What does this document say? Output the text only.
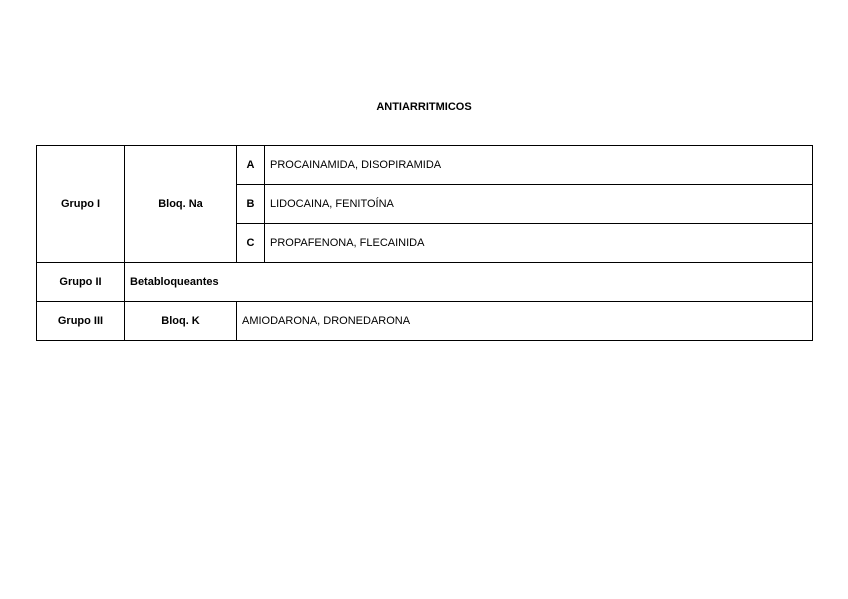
ANTIARRITMICOS
Grupo I	Bloq. Na	A	PROCAINAMIDA, DISOPIRAMIDA
		B	LIDOCAINA, FENITOÍNA
		C	PROPAFENONA, FLECAINIDA
Grupo II	Betabloqueantes		
Grupo III	Bloq. K	AMIODARONA, DRONEDARONA	
